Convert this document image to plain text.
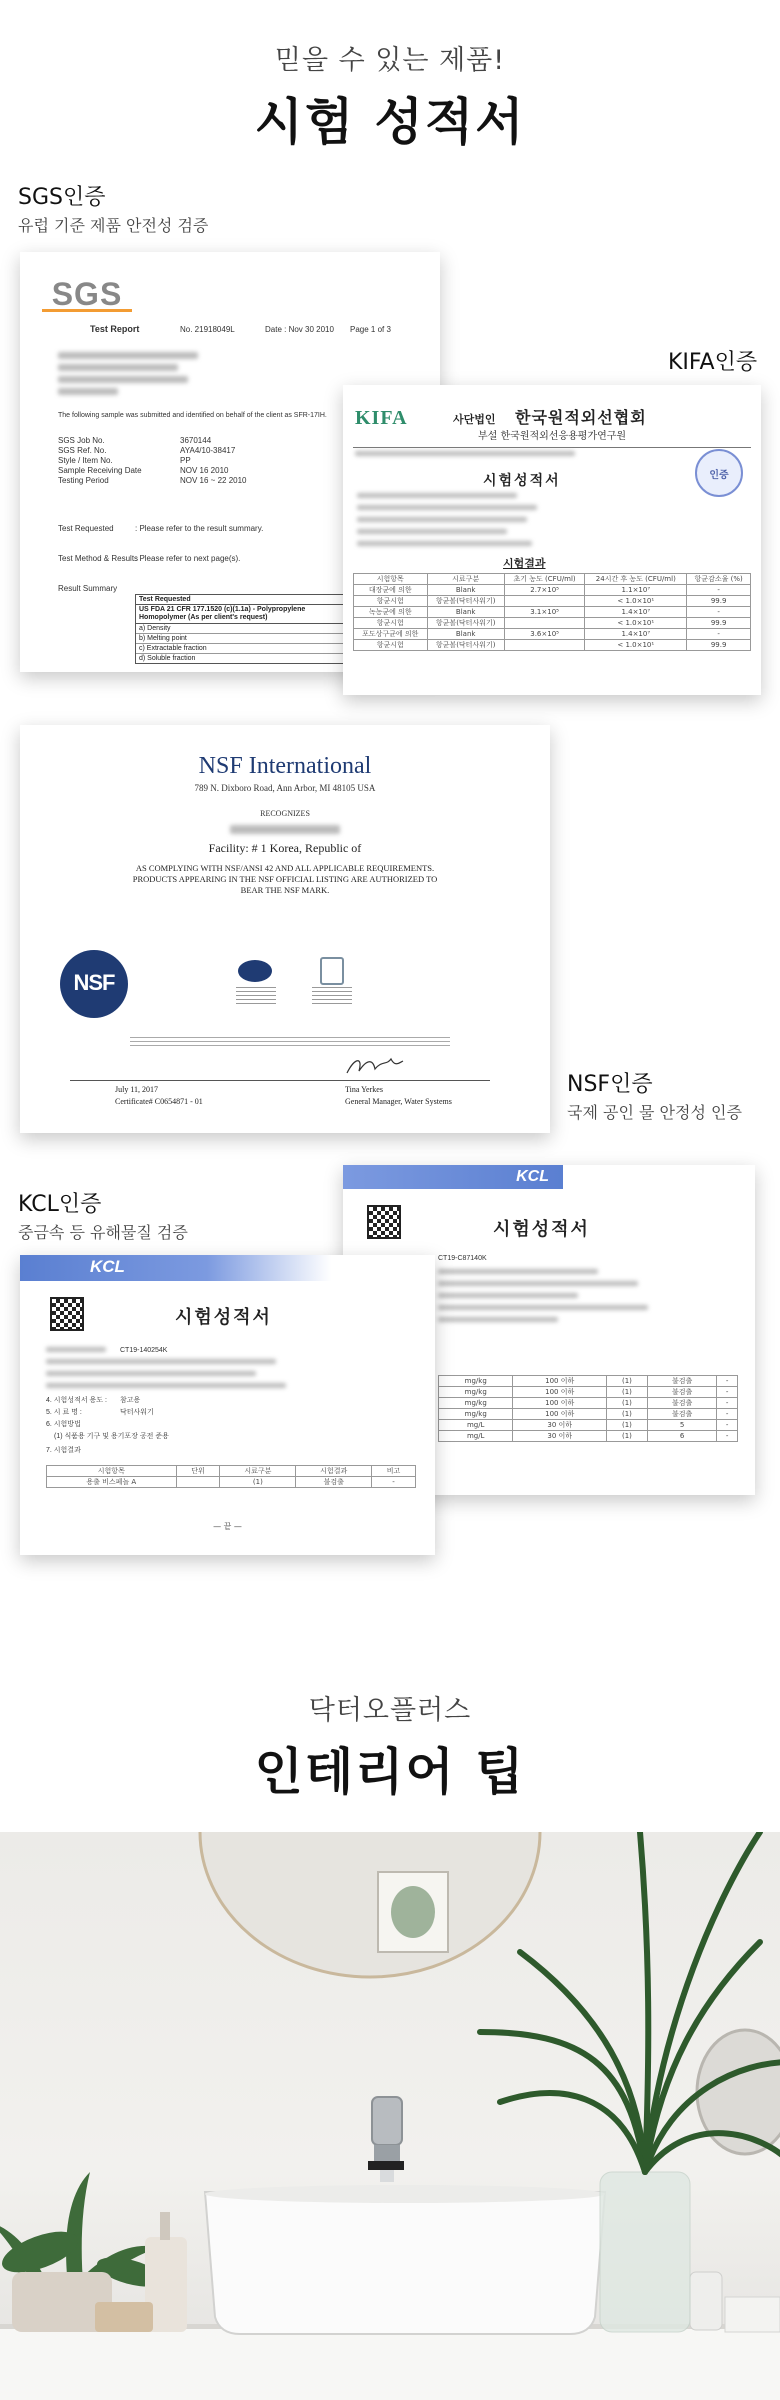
믿을 수 있는 제품!
시험 성적서
SGS인증
유럽 기준 제품 안전성 검증
SGS
Test Report	No. 21918049L	Date : Nov 30 2010 Page 1 of 3
The following sample was submitted and identified on behalf of the client as SFR-17IH.
SGS Job No.	3670144
SGS Ref. No.	AYA4/10-38417
Style / Item No.	PP
Sample Receiving Date	NOV 16 2010
Testing Period	NOV 16 ~ 22 2010
Test Requested	: Please refer to the result summary.
Test Method & Results
: Please refer to next page(s).
Result Summary
Test Requested
US FDA 21 CFR 177.1520 (c)(1.1a) - Polypropylene Homopolymer (As per client's request)
a) Density
b) Melting point
c) Extractable fraction
d) Soluble fraction
KIFA인증
KIFA	사단법인 한국원적외선협회
부설 한국원적외선응용평가연구원
시험성적서	인증
시험결과
시험항목	시료구분	초기 농도 (CFU/ml)	24시간 후 농도 (CFU/ml)	항균감소율 (%)
대장균에 의한	Blank	2.7×10⁵	1.1×10⁷	-
항균시험	항균볼(닥터사워기)		< 1.0×10¹	99.9
녹농균에 의한	Blank	3.1×10⁵	1.4×10⁷	-
항균시험	항균볼(닥터사워기)		< 1.0×10¹	99.9
포도상구균에 의한	Blank	3.6×10⁵	1.4×10⁷	-
항균시험	항균볼(닥터사워기)		< 1.0×10¹	99.9
NSF International
789 N. Dixboro Road, Ann Arbor, MI 48105 USA
RECOGNIZES
Facility: # 1 Korea, Republic of
AS COMPLYING WITH NSF/ANSI 42 AND ALL APPLICABLE REQUIREMENTS. PRODUCTS APPEARING IN THE NSF OFFICIAL LISTING ARE AUTHORIZED TO BEAR THE NSF MARK.
NSF
July 11, 2017
Certificate# C0654871 - 01
Tina Yerkes
General Manager, Water Systems
NSF인증
국제 공인 물 안정성 인증
KCL인증
중금속 등 유해물질 검증
KCL
시험성적서
CT19-C87140K
mg/kg	100 이하	(1)	불검출	-
mg/kg	100 이하	(1)	불검출	-
mg/kg	100 이하	(1)	불검출	-
mg/kg	100 이하	(1)	불검출	-
mg/L	30 이하	(1)	5	-
mg/L	30 이하	(1)	6	-
KCL
시험성적서
CT19-140254K
4. 시험성적서 용도 : 참고용
5. 시 료 명 :	닥터사워기
6. 시험방법
(1) 식품용 기구 및 용기포장 공전 준용
7. 시험결과
시험항목	단위	시료구분	시험결과	비고
용출 비스페놀 A		(1)	불검출	-
— 끝 —
닥터오플러스
인테리어 팁
